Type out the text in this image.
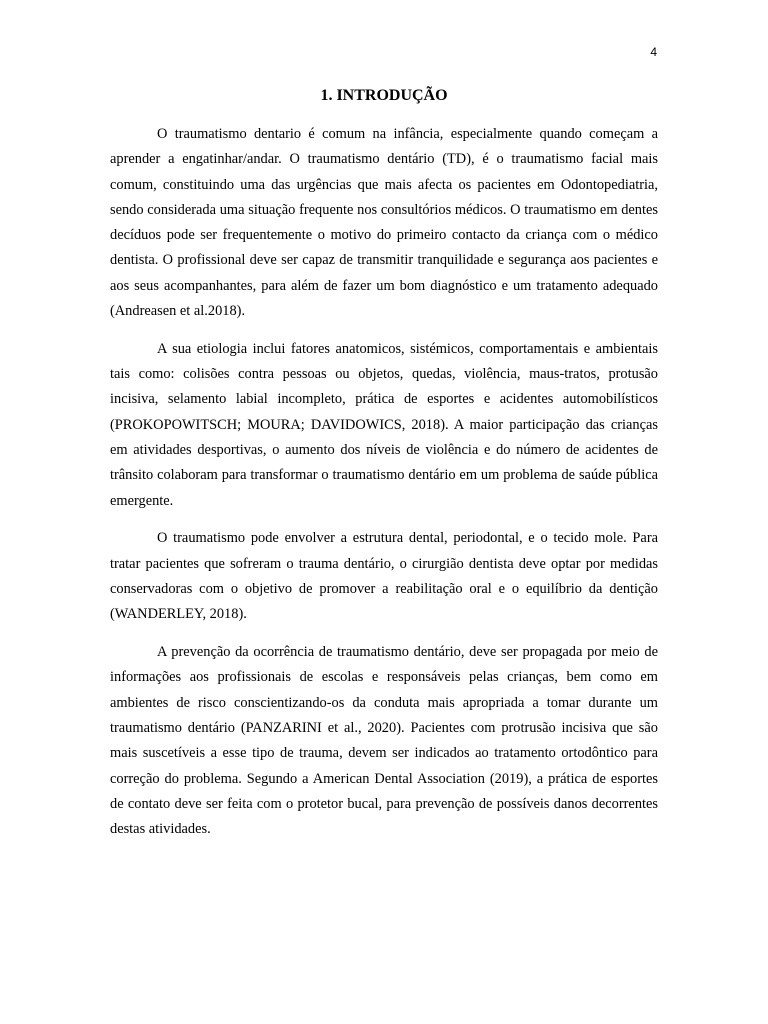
4
1. INTRODUÇÃO

O traumatismo dentario é comum na infância, especialmente quando começam a aprender a engatinhar/andar. O traumatismo dentário (TD), é o traumatismo facial mais comum, constituindo uma das urgências que mais afecta os pacientes em Odontopediatria, sendo considerada uma situação frequente nos consultórios médicos. O traumatismo em dentes decíduos pode ser frequentemente o motivo do primeiro contacto da criança com o médico dentista. O profissional deve ser capaz de transmitir tranquilidade e segurança aos pacientes e aos seus acompanhantes, para além de fazer um bom diagnóstico e um tratamento adequado (Andreasen et al.2018).

A sua etiologia inclui fatores anatomicos, sistémicos, comportamentais e ambientais tais como: colisões contra pessoas ou objetos, quedas, violência, maus-tratos, protusão incisiva, selamento labial incompleto, prática de esportes e acidentes automobilísticos (PROKOPOWITSCH; MOURA; DAVIDOWICS, 2018). A maior participação das crianças em atividades desportivas, o aumento dos níveis de violência e do número de acidentes de trânsito colaboram para transformar o traumatismo dentário em um problema de saúde pública emergente.

O traumatismo pode envolver a estrutura dental, periodontal, e o tecido mole. Para tratar pacientes que sofreram o trauma dentário, o cirurgião dentista deve optar por medidas conservadoras com o objetivo de promover a reabilitação oral e o equilíbrio da dentição (WANDERLEY, 2018).

A prevenção da ocorrência de traumatismo dentário, deve ser propagada por meio de informações aos profissionais de escolas e responsáveis pelas crianças, bem como em ambientes de risco conscientizando-os da conduta mais apropriada a tomar durante um traumatismo dentário (PANZARINI et al., 2020). Pacientes com protrusão incisiva que são mais suscetíveis a esse tipo de trauma, devem ser indicados ao tratamento ortodôntico para correção do problema. Segundo a American Dental Association (2019), a prática de esportes de contato deve ser feita com o protetor bucal, para prevenção de possíveis danos decorrentes destas atividades.
